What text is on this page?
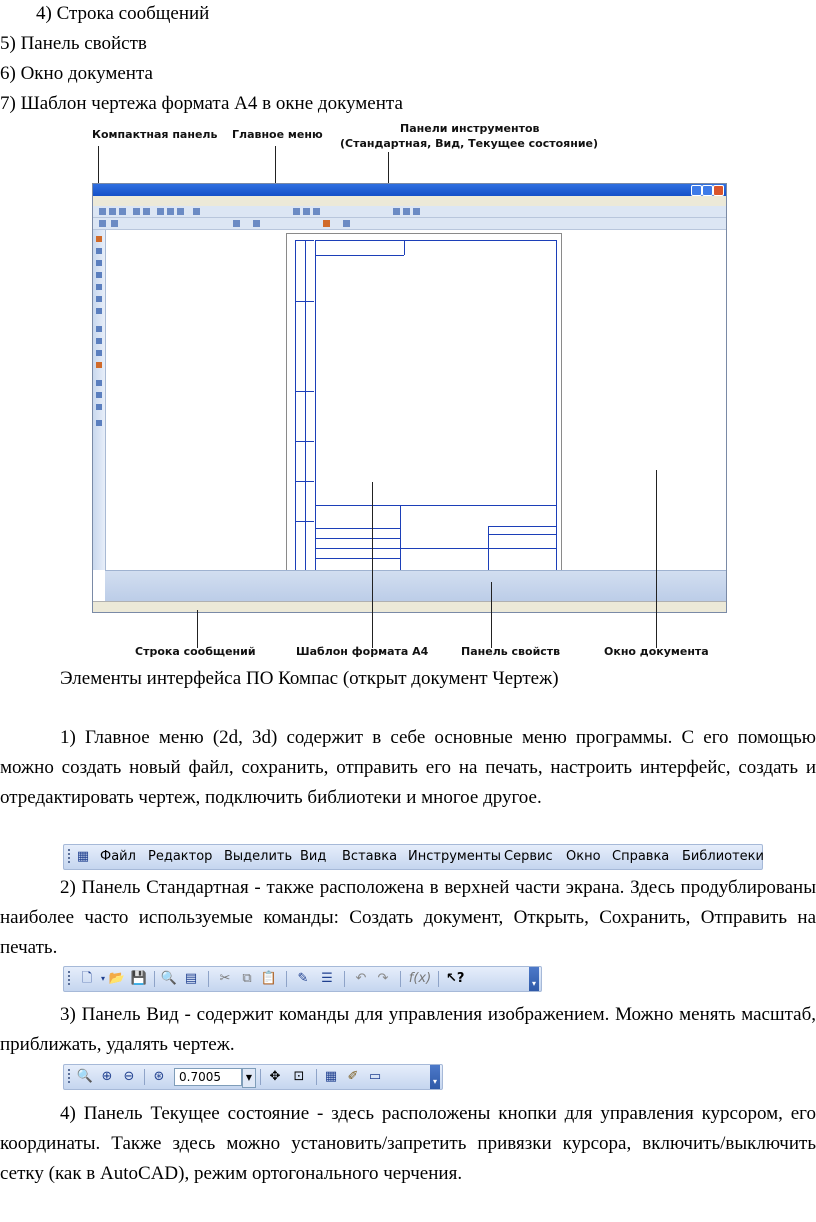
4) Строка сообщений
5) Панель свойств
6) Окно документа
7) Шаблон чертежа формата А4 в окне документа
Компактная панель Главное меню	Панели инструментов
(Стандартная, Вид, Текущее состояние)
Строка сообщений	Шаблон формата А4	Панель свойств	Окно документа
Элементы интерфейса ПО Компас (открыт документ Чертеж)
1) Главное меню (2d, 3d) содержит в себе основные меню программы. С его помощью можно создать новый файл, сохранить, отправить его на печать, настроить интерфейс, создать и отредактировать чертеж, подключить библиотеки и многое другое.
▦ Файл Редактор Выделить Вид Вставка Инструменты Сервис Окно Справка Библиотеки
2) Панель Стандартная - также расположена в верхней части экрана. Здесь продублированы наиболее часто используемые команды: Создать документ, Открыть, Сохранить, Отправить на печать.
🗋	▾ 📂 💾 🔍 ▤ ✂ ⧉ 📋 ✎ ☰ ↶ ↷ f(x) ↖?	▾
3) Панель Вид - содержит команды для управления изображением. Можно менять масштаб, приближать, удалять чертеж.
🔍 ⊕ ⊖ ⊛	0.7005	▼	✥ ⊡ ▦ ✐ ▭	▾
4) Панель Текущее состояние - здесь расположены кнопки для управления курсором, его координаты. Также здесь можно установить/запретить привязки курсора, включить/выключить сетку (как в AutoCAD), режим ортогонального черчения.
